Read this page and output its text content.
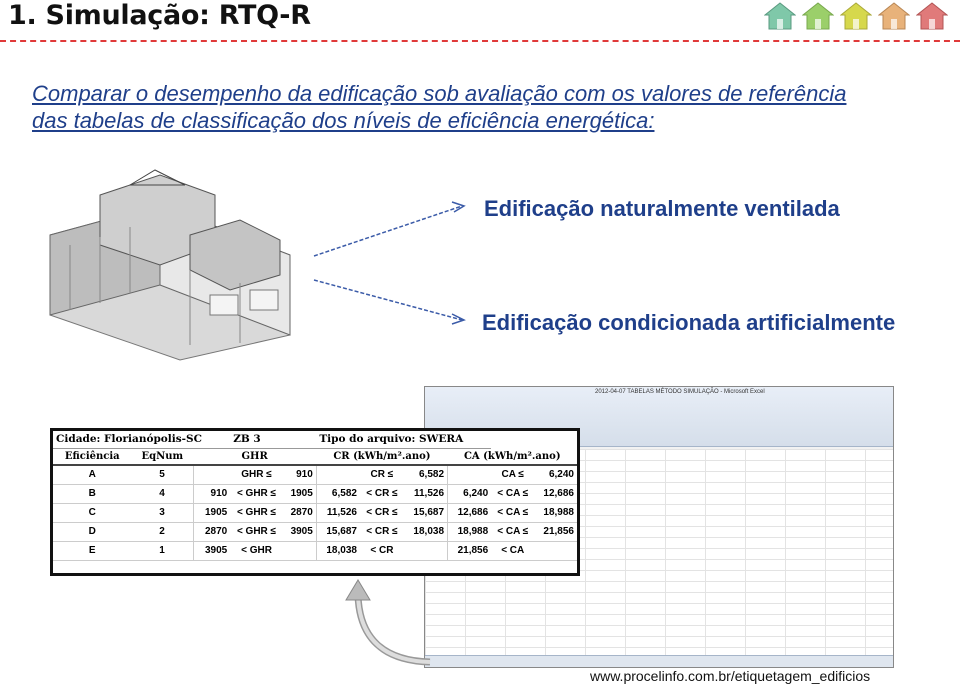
1. Simulação: RTQ-R
Comparar o desempenho da edificação sob avaliação com os valores de referência
das tabelas de classificação dos níveis de eficiência energética:
Edificação naturalmente ventilada
Edificação condicionada artificialmente
2012-04-07 TABELAS MÉTODO SIMULAÇÃO - Microsoft Excel
Cidade: Florianópolis-SC			ZB 3		Tipo do arquivo: SWERA					
Eficiência	EqNum	GHR			CR (kWh/m².ano)			CA (kWh/m².ano)		
A	5		GHR ≤	910		CR ≤	6,582		CA ≤	6,240
B	4	910	< GHR ≤	1905	6,582	< CR ≤	11,526	6,240	< CA ≤	12,686
C	3	1905	< GHR ≤	2870	11,526	< CR ≤	15,687	12,686	< CA ≤	18,988
D	2	2870	< GHR ≤	3905	15,687	< CR ≤	18,038	18,988	< CA ≤	21,856
E	1	3905	< GHR		18,038	< CR		21,856	< CA	
www.procelinfo.com.br/etiquetagem_edificios
